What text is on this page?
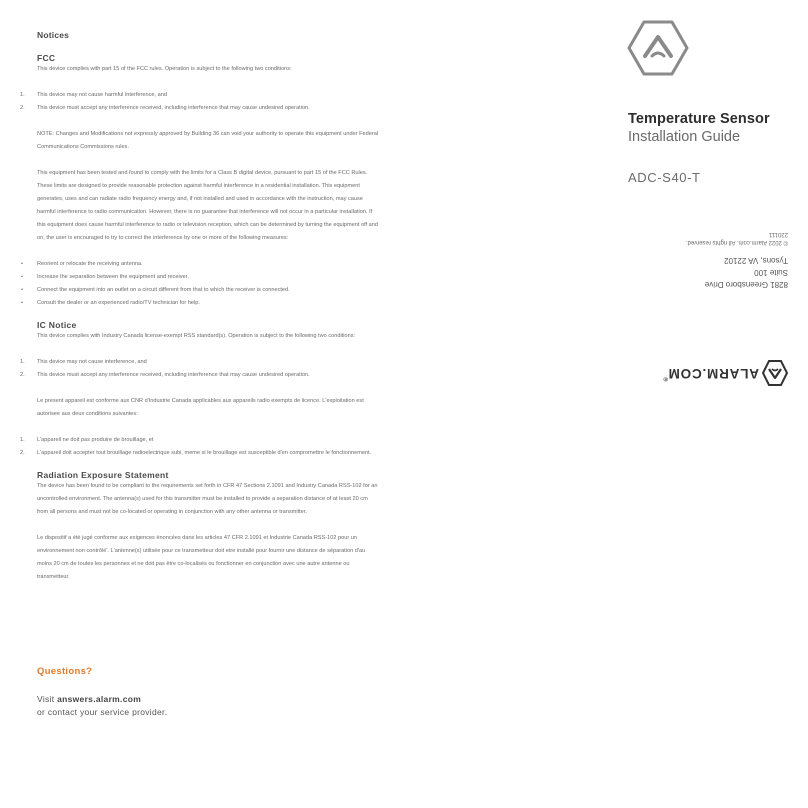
Notices
FCC
This device complies with part 15 of the FCC rules. Operation is subject to the following two conditions:
1.	This device may not cause harmful interference, and
2.	This device must accept any interference received, including interference that may cause undesired operation.
NOTE: Changes and Modifications not expressly approved by Building 36 can void your authority to operate this equipment under Federal Communications Commissions rules.
This equipment has been tested and found to comply with the limits for a Class B digital device, pursuant to part 15 of the FCC Rules. These limits are designed to provide reasonable protection against harmful interference in a residential installation. This equipment generates, uses and can radiate radio frequency energy and, if not installed and used in accordance with the instruction, may cause harmful interference to radio communication. However, there is no guarantee that interference will not occur in a particular installation. If this equipment does cause harmful interference to radio or television reception, which can be determined by turning the equipment off and on, the user is encouraged to try to correct the interference by one or more of the following measures:
•	Reorient or relocate the receiving antenna.
•	Increase the separation between the equipment and receiver.
•	Connect the equipment into an outlet on a circuit different from that to which the receiver is connected.
•	Consult the dealer or an experienced radio/TV technician for help.
IC Notice
This device complies with Industry Canada license-exempt RSS standard(s). Operation is subject to the following two conditions:
1.	This device may not cause interference, and
2.	This device must accept any interference received, including interference that may cause undesired operation.
Le present appareil est conforme aux CNR d'Industrie Canada applicables aux appareils radio exempts de licence. L'exploitation est autorisee aux deux conditions suivantes:
1.	L'appareil ne doit pas produire de brouillage, et
2.	L'appareil doit accepter tout brouillage radioelectrique subi, meme si le brouillage est susceptible d'en compromettre le fonctionnement.
Radiation Exposure Statement
The device has been found to be compliant to the requirements set forth in CFR 47 Sections 2.1091 and Industry Canada RSS-102 for an uncontrolled environment. The antenna(s) used for this transmitter must be installed to provide a separation distance of at least 20 cm from all persons and must not be co-located or operating in conjunction with any other antenna or transmitter.
Le dispositif a été jugé conforme aux exigences énoncées dans les articles 47 CFR 2.1091 et Industrie Canada RSS-102 pour un environnement non contrôlé'. L'antenne(s) utilisée pour ce transmetteur doit etre installé pour fournir une distance de séparation d'au moins 20 cm de toutes les personnes et ne doit pas être co-localisés ou fonctionner en conjunction avec une autre antenne ou transmetteur.
Questions?
Visit answers.alarm.com
or contact your service provider.
Temperature Sensor
Installation Guide
ADC-S40-T
8281 Greensboro Drive
Suite 100
Tysons, VA 22102
© 2022 Alarm.com. All rights reserved.
220111
ALARM.COM®
